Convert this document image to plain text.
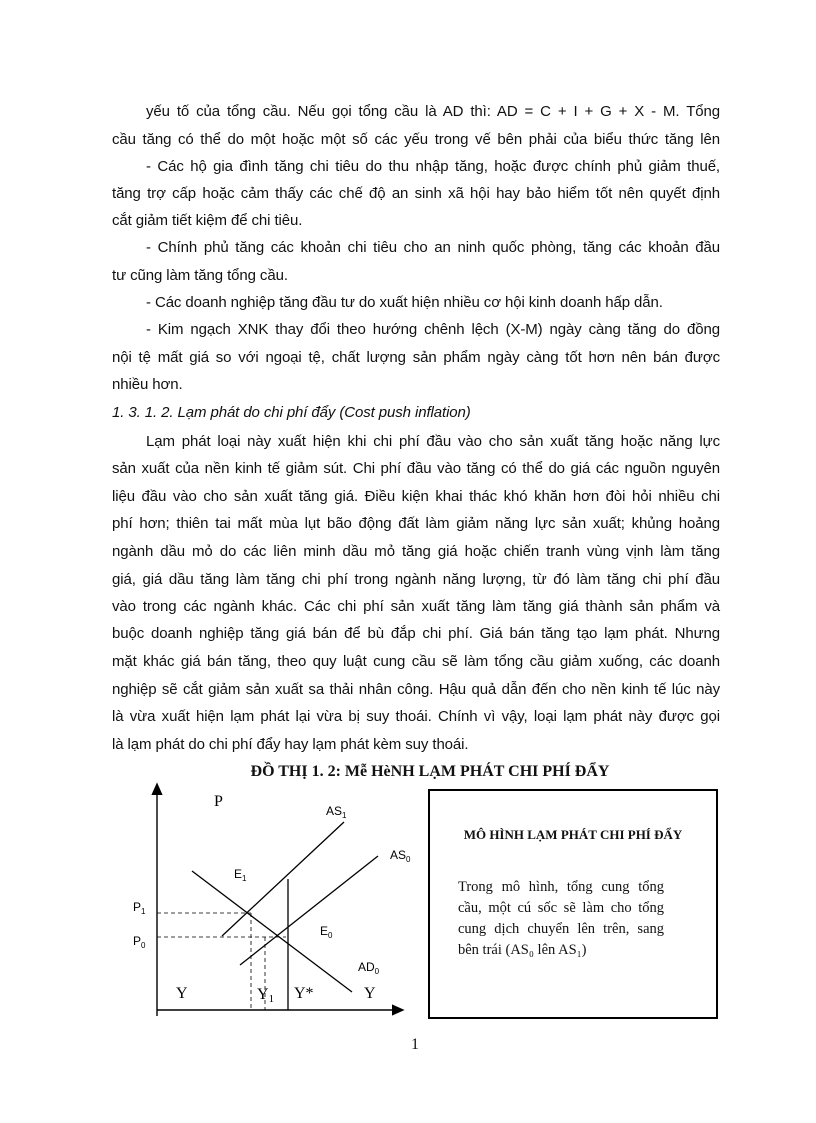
yếu tố của tổng cầu. Nếu gọi tổng cầu là AD thì: AD = C + I + G + X - M. Tổng
cầu tăng có thể do một hoặc một số các yếu trong vế bên phải của biểu thức tăng lên
- Các hộ gia đình tăng chi tiêu do thu nhập tăng, hoặc được chính phủ giảm thuế,
tăng trợ cấp hoặc cảm thấy các chế độ an sinh xã hội hay bảo hiểm tốt nên quyết định
cắt giảm tiết kiệm để chi tiêu.
- Chính phủ tăng các khoản chi tiêu cho an ninh quốc phòng, tăng các khoản đầu
tư cũng làm tăng tổng cầu.
- Các doanh nghiệp tăng đầu tư do xuất hiện nhiều cơ hội kinh doanh hấp dẫn.
- Kim ngạch XNK thay đổi theo hướng chênh lệch (X-M) ngày càng tăng do đồng
nội tệ mất giá so với ngoại tệ, chất lượng sản phẩm ngày càng tốt hơn nên bán được
nhiều hơn.
1. 3. 1. 2. Lạm phát do chi phí đẩy (Cost push inflation)
Lạm phát loại này xuất hiện khi chi phí đầu vào cho sản xuất tăng hoặc năng lực
sản xuất của nền kinh tế giảm sút. Chi phí đầu vào tăng có thể do giá các nguồn nguyên
liệu đầu vào cho sản xuất tăng giá. Điều kiện khai thác khó khăn hơn đòi hỏi nhiều chi
phí hơn; thiên tai mất mùa lụt bão động đất làm giảm năng lực sản xuất; khủng hoảng
ngành dầu mỏ do các liên minh dầu mỏ tăng giá hoặc chiến tranh vùng vịnh làm tăng
giá, giá dầu tăng làm tăng chi phí trong ngành năng lượng, từ đó làm tăng chi phí đầu
vào trong các ngành khác. Các chi phí sản xuất tăng làm tăng giá thành sản phẩm và
buộc doanh nghiệp tăng giá bán để bù đắp chi phí. Giá bán tăng tạo lạm phát. Nhưng
mặt khác giá bán tăng, theo quy luật cung cầu sẽ làm tổng cầu giảm xuống, các doanh
nghiệp sẽ cắt giảm sản xuất sa thải nhân công. Hậu quả dẫn đến cho nền kinh tế lúc này
là vừa xuất hiện lạm phát lại vừa bị suy thoái. Chính vì vậy, loại lạm phát này được gọi
là lạm phát do chi phí đẩy hay lạm phát kèm suy thoái.
ĐỒ THỊ 1. 2: Mễ HèNH LẠM PHÁT CHI PHÍ ĐẨY
P
$AS_1$
$AS_0$
$E_1$
$E_0$
$P_1$
$P_0$
$AD_0$
Y	Y1 Y*	Y
MÔ HÌNH LẠM PHÁT CHI PHÍ ĐẨY
Trong mô hình, tổng cung tổng cầu, một cú sốc sẽ làm cho tổng cung dịch chuyển lên trên, sang bên trái (AS₀ lên AS₁)
1
